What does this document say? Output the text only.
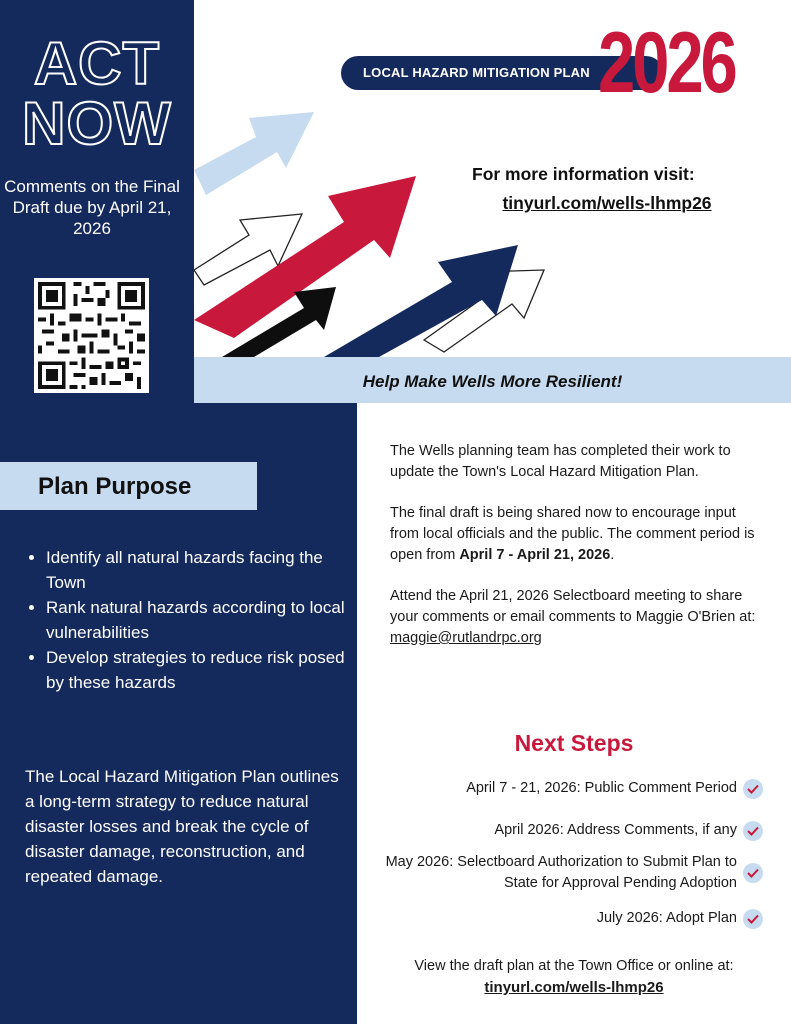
ACT
NOW
Comments on the Final Draft due by April 21, 2026
LOCAL HAZARD MITIGATION PLAN 2026
For more information visit:
tinyurl.com/wells-lhmp26
Help Make Wells More Resilient!
Plan Purpose
• Identify all natural hazards facing the Town
• Rank natural hazards according to local vulnerabilities
• Develop strategies to reduce risk posed by these hazards
The Local Hazard Mitigation Plan outlines a long-term strategy to reduce natural disaster losses and break the cycle of disaster damage, reconstruction, and repeated damage.

The Wells planning team has completed their work to update the Town's Local Hazard Mitigation Plan.

The final draft is being shared now to encourage input from local officials and the public. The comment period is open from April 7 - April 21, 2026.

Attend the April 21, 2026 Selectboard meeting to share your comments or email comments to Maggie O'Brien at: maggie@rutlandrpc.org

Next Steps
April 7 - 21, 2026: Public Comment Period
April 2026: Address Comments, if any
May 2026: Selectboard Authorization to Submit Plan to State for Approval Pending Adoption
July 2026: Adopt Plan
View the draft plan at the Town Office or online at:
tinyurl.com/wells-lhmp26
